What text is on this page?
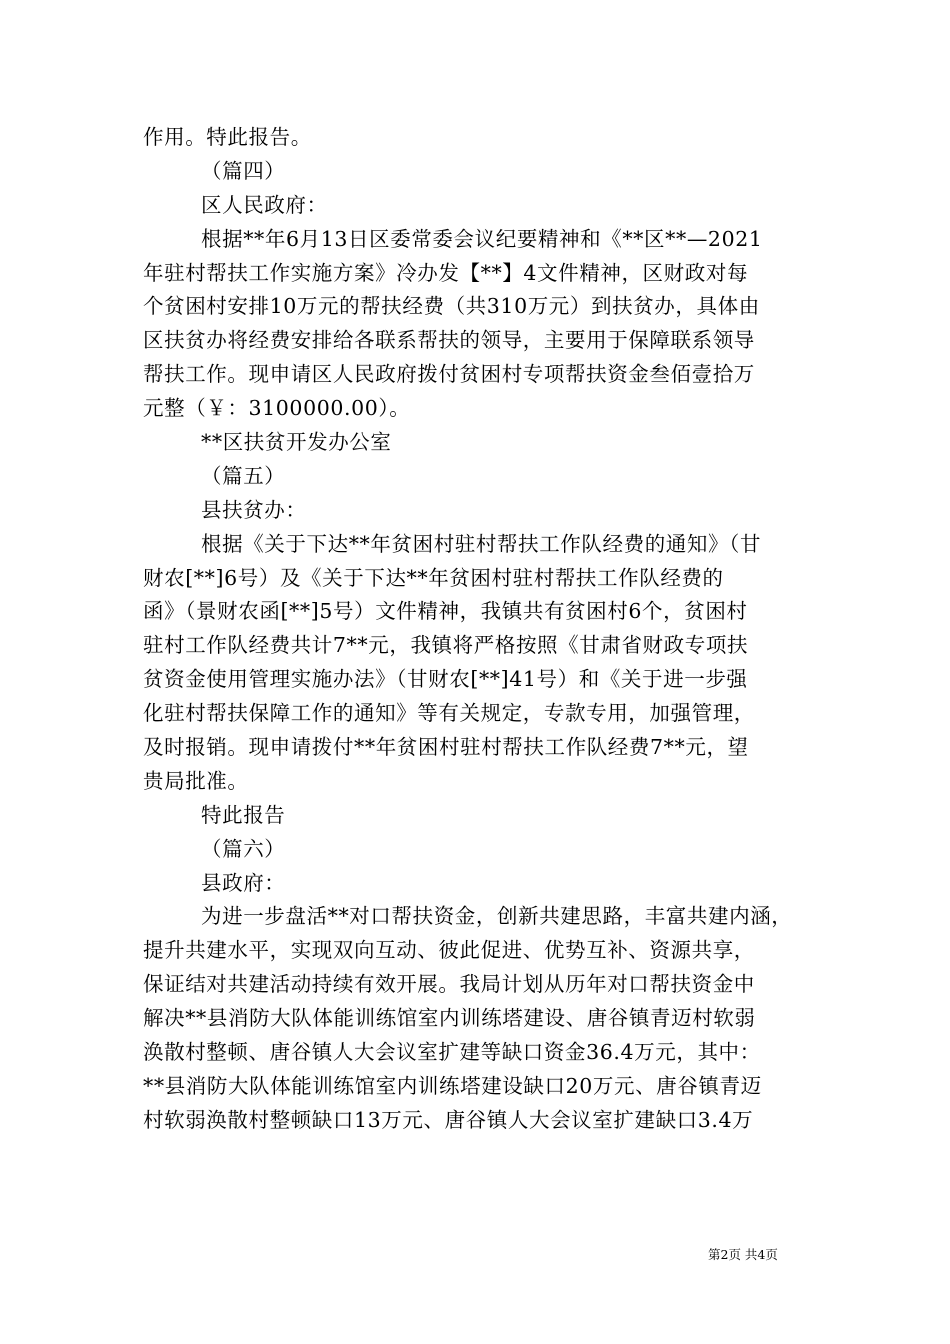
作用。特此报告。
（篇四）
区人民政府：
根据**年6月13日区委常委会议纪要精神和《**区**—2021
年驻村帮扶工作实施方案》冷办发【**】4文件精神，区财政对每
个贫困村安排10万元的帮扶经费（共310万元）到扶贫办，具体由
区扶贫办将经费安排给各联系帮扶的领导，主要用于保障联系领导
帮扶工作。现申请区人民政府拨付贫困村专项帮扶资金叁佰壹拾万
元整（￥：3100000.00）。
**区扶贫开发办公室
（篇五）
县扶贫办：
根据《关于下达**年贫困村驻村帮扶工作队经费的通知》（甘
财农[**]6号）及《关于下达**年贫困村驻村帮扶工作队经费的
函》（景财农函[**]5号）文件精神，我镇共有贫困村6个，贫困村
驻村工作队经费共计7**元，我镇将严格按照《甘肃省财政专项扶
贫资金使用管理实施办法》（甘财农[**]41号）和《关于进一步强
化驻村帮扶保障工作的通知》等有关规定，专款专用，加强管理，
及时报销。现申请拨付**年贫困村驻村帮扶工作队经费7**元，望
贵局批准。
特此报告
（篇六）
县政府：
为进一步盘活**对口帮扶资金，创新共建思路，丰富共建内涵，
提升共建水平，实现双向互动、彼此促进、优势互补、资源共享，
保证结对共建活动持续有效开展。我局计划从历年对口帮扶资金中
解决**县消防大队体能训练馆室内训练塔建设、唐谷镇青迈村软弱
涣散村整顿、唐谷镇人大会议室扩建等缺口资金36.4万元，其中：
**县消防大队体能训练馆室内训练塔建设缺口20万元、唐谷镇青迈
村软弱涣散村整顿缺口13万元、唐谷镇人大会议室扩建缺口3.4万
第2页 共4页
